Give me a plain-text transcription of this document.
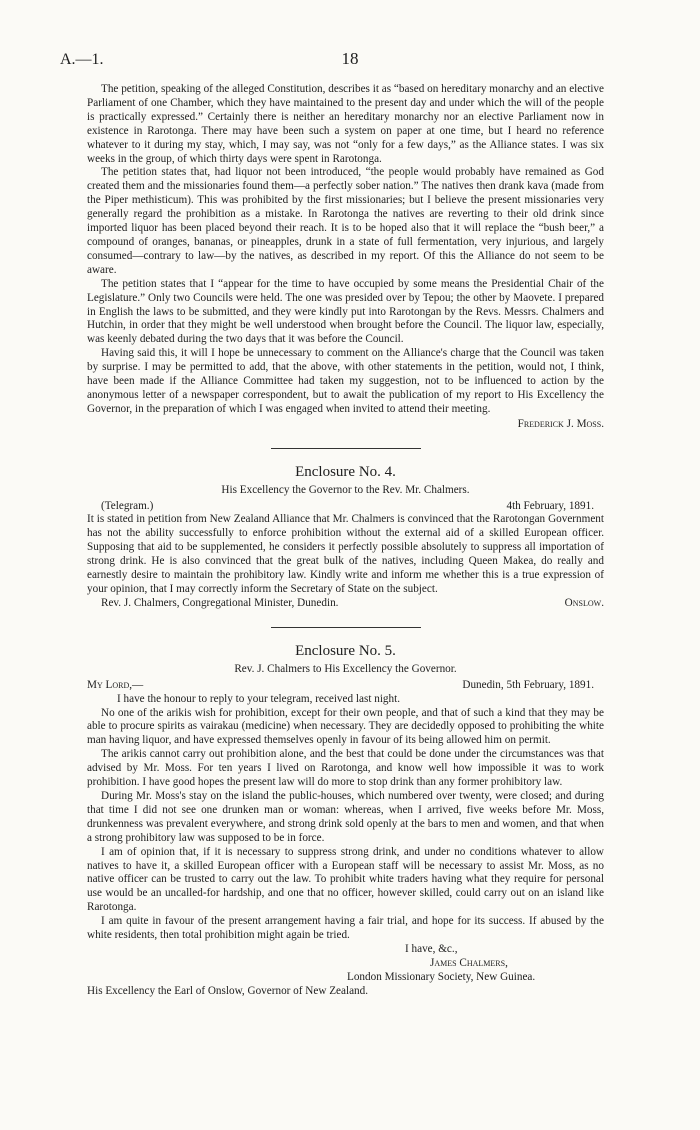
A.—1.	18

The petition, speaking of the alleged Constitution, describes it as “based on hereditary monarchy and an elective Parliament of one Chamber, which they have maintained to the present day and under which the will of the people is practically expressed.” Certainly there is neither an hereditary monarchy nor an elective Parliament now in existence in Rarotonga. There may have been such a system on paper at one time, but I heard no reference whatever to it during my stay, which, I may say, was not “only for a few days,” as the Alliance states. I was six weeks in the group, of which thirty days were spent in Rarotonga.

The petition states that, had liquor not been introduced, “the people would probably have remained as God created them and the missionaries found them—a perfectly sober nation.” The natives then drank kava (made from the Piper methisticum). This was prohibited by the first missionaries; but I believe the present missionaries very generally regard the prohibition as a mistake. In Rarotonga the natives are reverting to their old drink since imported liquor has been placed beyond their reach. It is to be hoped also that it will replace the “bush beer,” a compound of oranges, bananas, or pineapples, drunk in a state of full fermentation, very injurious, and largely consumed—contrary to law—by the natives, as described in my report. Of this the Alliance do not seem to be aware.

The petition states that I “appear for the time to have occupied by some means the Presidential Chair of the Legislature.” Only two Councils were held. The one was presided over by Tepou; the other by Maovete. I prepared in English the laws to be submitted, and they were kindly put into Rarotongan by the Revs. Messrs. Chalmers and Hutchin, in order that they might be well understood when brought before the Council. The liquor law, especially, was keenly debated during the two days that it was before the Council.

Having said this, it will I hope be unnecessary to comment on the Alliance's charge that the Council was taken by surprise. I may be permitted to add, that the above, with other statements in the petition, would not, I think, have been made if the Alliance Committee had taken my suggestion, not to be influenced to action by the anonymous letter of a newspaper correspondent, but to await the publication of my report to His Excellency the Governor, in the preparation of which I was engaged when invited to attend their meeting.

Frederick J. Moss.
Enclosure No. 4.
His Excellency the Governor to the Rev. Mr. Chalmers.
(Telegram.)	4th February, 1891.

It is stated in petition from New Zealand Alliance that Mr. Chalmers is convinced that the Rarotongan Government has not the ability successfully to enforce prohibition without the external aid of a skilled European officer. Supposing that aid to be supplemented, he considers it perfectly possible absolutely to suppress all importation of strong drink. He is also convinced that the great bulk of the natives, including Queen Makea, do really and earnestly desire to maintain the prohibitory law. Kindly write and inform me whether this is a true expression of your opinion, that I may correctly inform the Secretary of State on the subject.

Rev. J. Chalmers, Congregational Minister, Dunedin.	Onslow.
Enclosure No. 5.
Rev. J. Chalmers to His Excellency the Governor.
My Lord,—	Dunedin, 5th February, 1891.

I have the honour to reply to your telegram, received last night.

No one of the arikis wish for prohibition, except for their own people, and that of such a kind that they may be able to procure spirits as vairakau (medicine) when necessary. They are decidedly opposed to prohibiting the white man having liquor, and have expressed themselves openly in favour of its being allowed him on permit.

The arikis cannot carry out prohibition alone, and the best that could be done under the circumstances was that advised by Mr. Moss. For ten years I lived on Rarotonga, and know well how impossible it was to work prohibition. I have good hopes the present law will do more to stop drink than any former prohibitory law.

During Mr. Moss's stay on the island the public-houses, which numbered over twenty, were closed; and during that time I did not see one drunken man or woman: whereas, when I arrived, five weeks before Mr. Moss, drunkenness was prevalent everywhere, and strong drink sold openly at the bars to men and women, and that when a strong prohibitory law was supposed to be in force.

I am of opinion that, if it is necessary to suppress strong drink, and under no conditions whatever to allow natives to have it, a skilled European officer with a European staff will be necessary to assist Mr. Moss, as no native officer can be trusted to carry out the law. To prohibit white traders having what they require for personal use would be an uncalled-for hardship, and one that no officer, however skilled, could carry out on an island like Rarotonga.

I am quite in favour of the present arrangement having a fair trial, and hope for its success. If abused by the white residents, then total prohibition might again be tried.

I have, &c.,
James Chalmers,
London Missionary Society, New Guinea.
His Excellency the Earl of Onslow, Governor of New Zealand.
